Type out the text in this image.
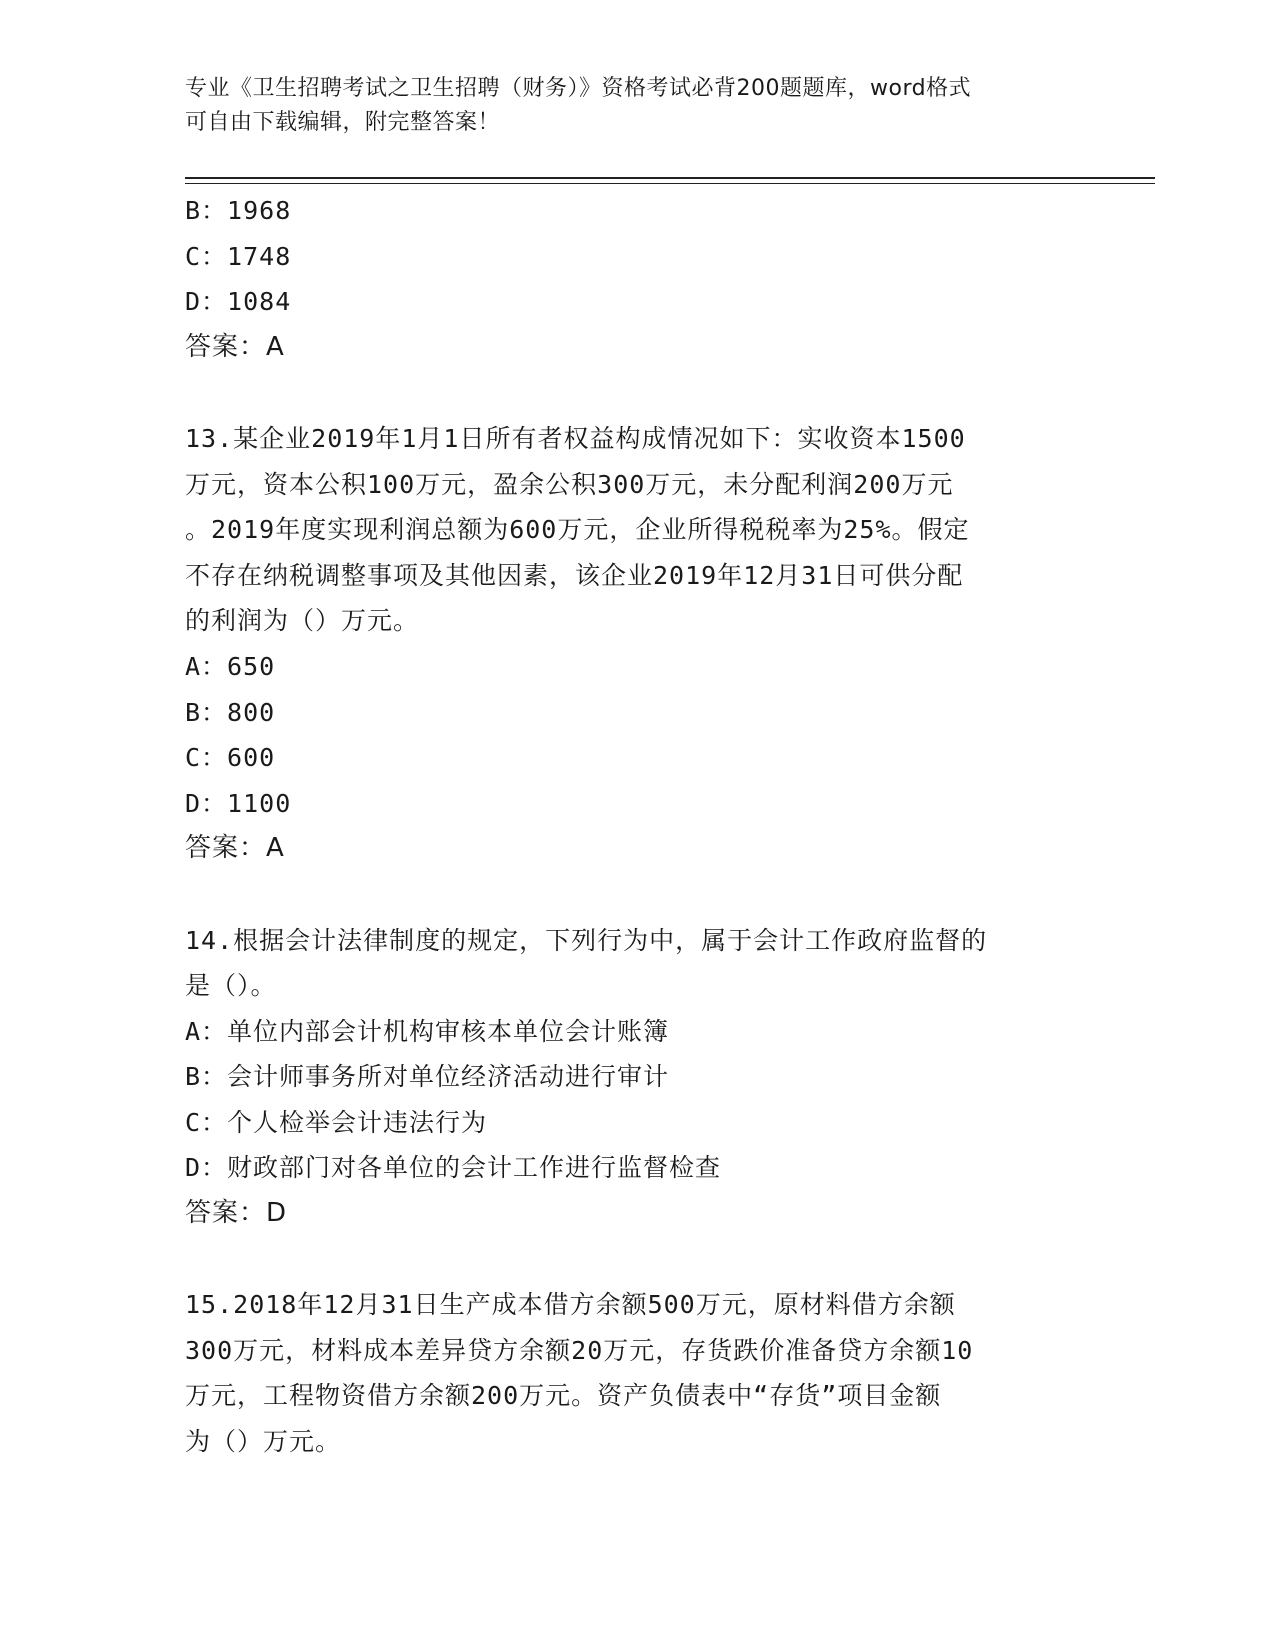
专业《卫生招聘考试之卫生招聘（财务）》资格考试必背200题题库，word格式
可自由下载编辑，附完整答案！
B：1968
C：1748
D：1084
答案：A
13.某企业2019年1月1日所有者权益构成情况如下：实收资本1500
万元，资本公积100万元，盈余公积300万元，未分配利润200万元
。2019年度实现利润总额为600万元，企业所得税税率为25%。假定
不存在纳税调整事项及其他因素，该企业2019年12月31日可供分配
的利润为（）万元。
A：650
B：800
C：600
D：1100
答案：A
14.根据会计法律制度的规定，下列行为中，属于会计工作政府监督的
是（）。
A：单位内部会计机构审核本单位会计账簿
B：会计师事务所对单位经济活动进行审计
C：个人检举会计违法行为
D：财政部门对各单位的会计工作进行监督检查
答案：D
15.2018年12月31日生产成本借方余额500万元，原材料借方余额
300万元，材料成本差异贷方余额20万元，存货跌价准备贷方余额10
万元，工程物资借方余额200万元。资产负债表中“存货”项目金额
为（）万元。
